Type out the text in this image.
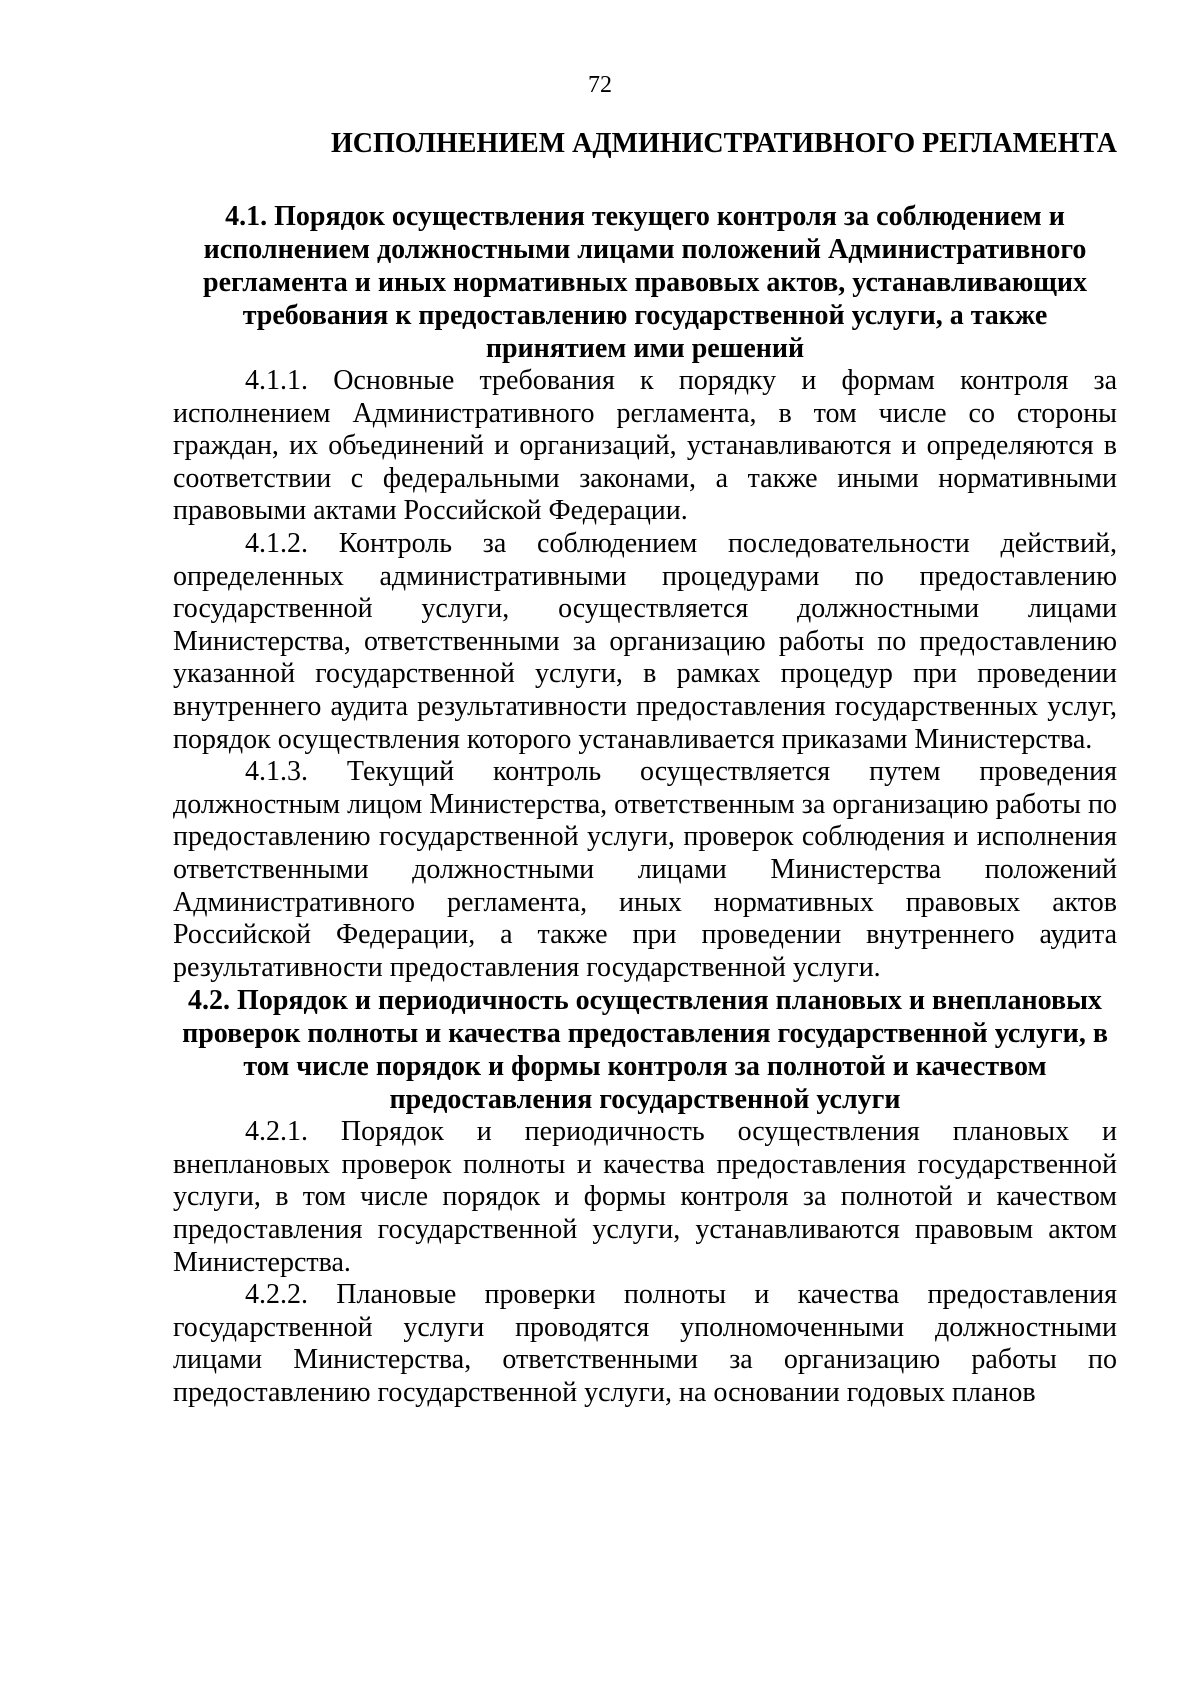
72
ИСПОЛНЕНИЕМ АДМИНИСТРАТИВНОГО РЕГЛАМЕНТА
4.1. Порядок осуществления текущего контроля за соблюдением и исполнением должностными лицами положений Административного регламента и иных нормативных правовых актов, устанавливающих требования к предоставлению государственной услуги, а также принятием ими решений

4.1.1. Основные требования к порядку и формам контроля за исполнением Административного регламента, в том числе со стороны граждан, их объединений и организаций, устанавливаются и определяются в соответствии с федеральными законами, а также иными нормативными правовыми актами Российской Федерации.

4.1.2. Контроль за соблюдением последовательности действий, определенных административными процедурами по предоставлению государственной услуги, осуществляется должностными лицами Министерства, ответственными за организацию работы по предоставлению указанной государственной услуги, в рамках процедур при проведении внутреннего аудита результативности предоставления государственных услуг, порядок осуществления которого устанавливается приказами Министерства.

4.1.3. Текущий контроль осуществляется путем проведения должностным лицом Министерства, ответственным за организацию работы по предоставлению государственной услуги, проверок соблюдения и исполнения ответственными должностными лицами Министерства положений Административного регламента, иных нормативных правовых актов Российской Федерации, а также при проведении внутреннего аудита результативности предоставления государственной услуги.

4.2. Порядок и периодичность осуществления плановых и внеплановых проверок полноты и качества предоставления государственной услуги, в том числе порядок и формы контроля за полнотой и качеством предоставления государственной услуги

4.2.1. Порядок и периодичность осуществления плановых и внеплановых проверок полноты и качества предоставления государственной услуги, в том числе порядок и формы контроля за полнотой и качеством предоставления государственной услуги, устанавливаются правовым актом Министерства.

4.2.2. Плановые проверки полноты и качества предоставления государственной услуги проводятся уполномоченными должностными лицами Министерства, ответственными за организацию работы по предоставлению государственной услуги, на основании годовых планов
